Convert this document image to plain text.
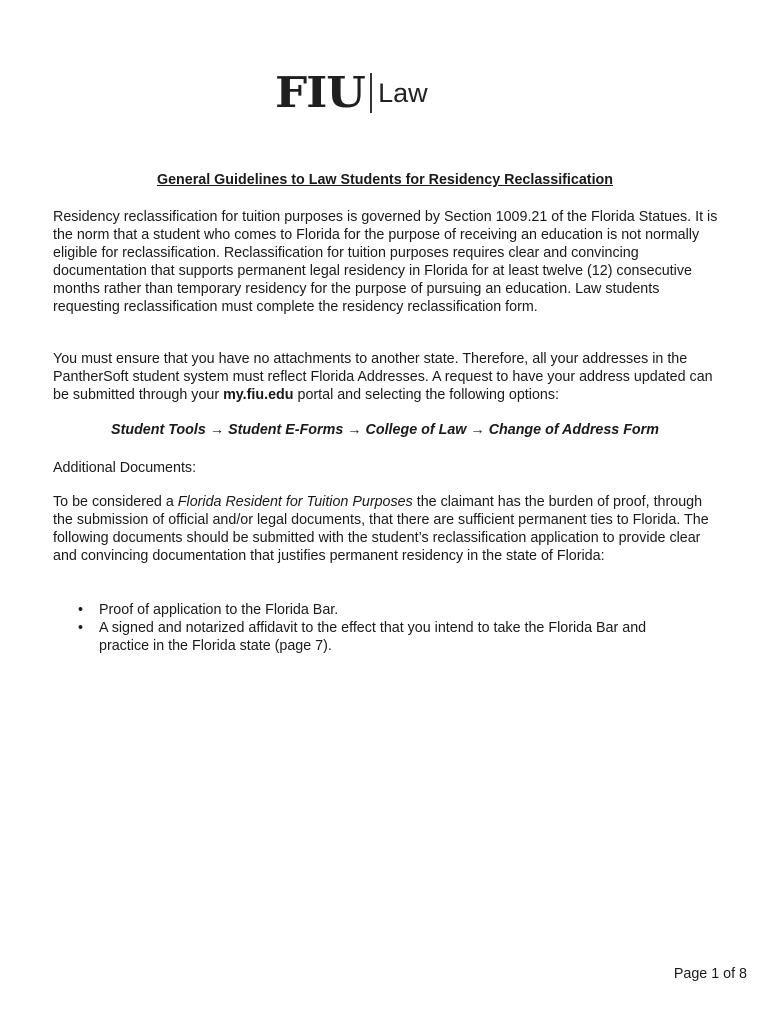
FIU Law
General Guidelines to Law Students for Residency Reclassification

Residency reclassification for tuition purposes is governed by Section 1009.21 of the Florida Statues. It is the norm that a student who comes to Florida for the purpose of receiving an education is not normally eligible for reclassification. Reclassification for tuition purposes requires clear and convincing documentation that supports permanent legal residency in Florida for at least twelve (12) consecutive months rather than temporary residency for the purpose of pursuing an education. Law students requesting reclassification must complete the residency reclassification form.

You must ensure that you have no attachments to another state. Therefore, all your addresses in the PantherSoft student system must reflect Florida Addresses. A request to have your address updated can be submitted through your my.fiu.edu portal and selecting the following options:

Student Tools → Student E-Forms → College of Law → Change of Address Form

Additional Documents:

To be considered a Florida Resident for Tuition Purposes the claimant has the burden of proof, through the submission of official and/or legal documents, that there are sufficient permanent ties to Florida. The following documents should be submitted with the student’s reclassification application to provide clear and convincing documentation that justifies permanent residency in the state of Florida:

• Proof of application to the Florida Bar.
• A signed and notarized affidavit to the effect that you intend to take the Florida Bar and practice in the Florida state (page 7).
Page 1 of 8
